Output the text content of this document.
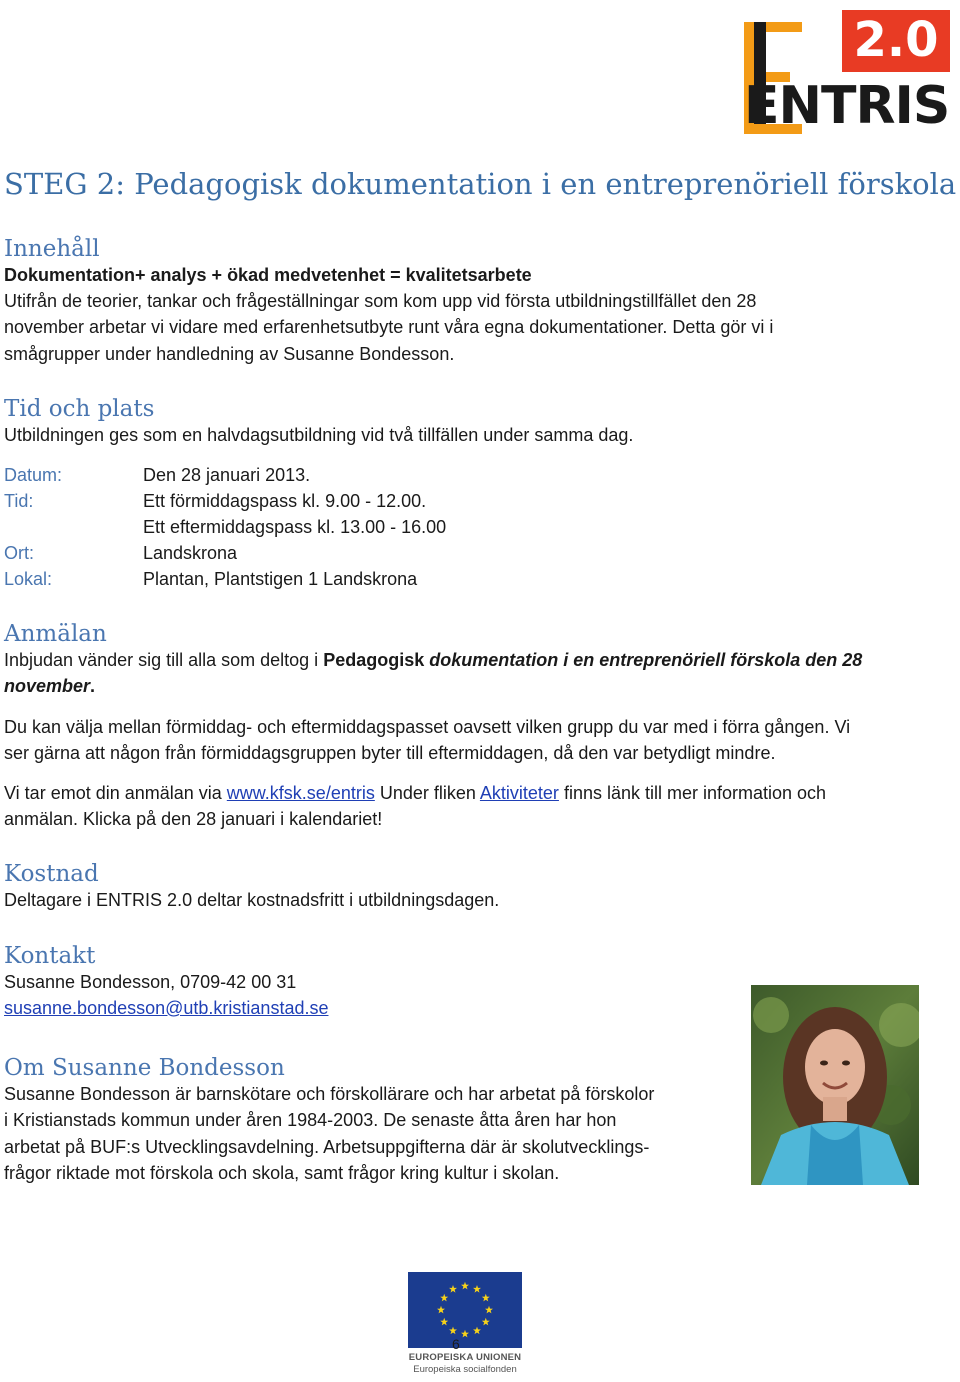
2.0
ENTRIS
STEG 2: Pedagogisk dokumentation i en entreprenöriell förskola
Innehåll
Dokumentation+ analys + ökad medvetenhet = kvalitetsarbete
Utifrån de teorier, tankar och frågeställningar som kom upp vid första utbildningstillfället den 28
november arbetar vi vidare med erfarenhetsutbyte runt våra egna dokumentationer. Detta gör vi i
smågrupper under handledning av Susanne Bondesson.
Tid och plats
Utbildningen ges som en halvdagsutbildning vid två tillfällen under samma dag.
Datum:	Den 28 januari 2013.
Tid:	Ett förmiddagspass kl. 9.00 - 12.00.
Ett eftermiddagspass kl. 13.00 - 16.00
Ort:	Landskrona
Lokal:	Plantan, Plantstigen 1 Landskrona
Anmälan
Inbjudan vänder sig till alla som deltog i Pedagogisk dokumentation i en entreprenöriell förskola den 28
november.
Du kan välja mellan förmiddag- och eftermiddagspasset oavsett vilken grupp du var med i förra gången. Vi
ser gärna att någon från förmiddagsgruppen byter till eftermiddagen, då den var betydligt mindre.
Vi tar emot din anmälan via www.kfsk.se/entris Under fliken Aktiviteter finns länk till mer information och
anmälan. Klicka på den 28 januari i kalendariet!
Kostnad
Deltagare i ENTRIS 2.0 deltar kostnadsfritt i utbildningsdagen.
Kontakt
Susanne Bondesson, 0709-42 00 31
susanne.bondesson@utb.kristianstad.se
Om Susanne Bondesson
Susanne Bondesson är barnskötare och förskollärare och har arbetat på förskolor
i Kristianstads kommun under åren 1984-2003. De senaste åtta åren har hon
arbetat på BUF:s Utvecklingsavdelning. Arbetsuppgifterna där är skolutvecklings-
frågor riktade mot förskola och skola, samt frågor kring kultur i skolan.
EUROPEISKA UNIONEN
Europeiska socialfonden
6
